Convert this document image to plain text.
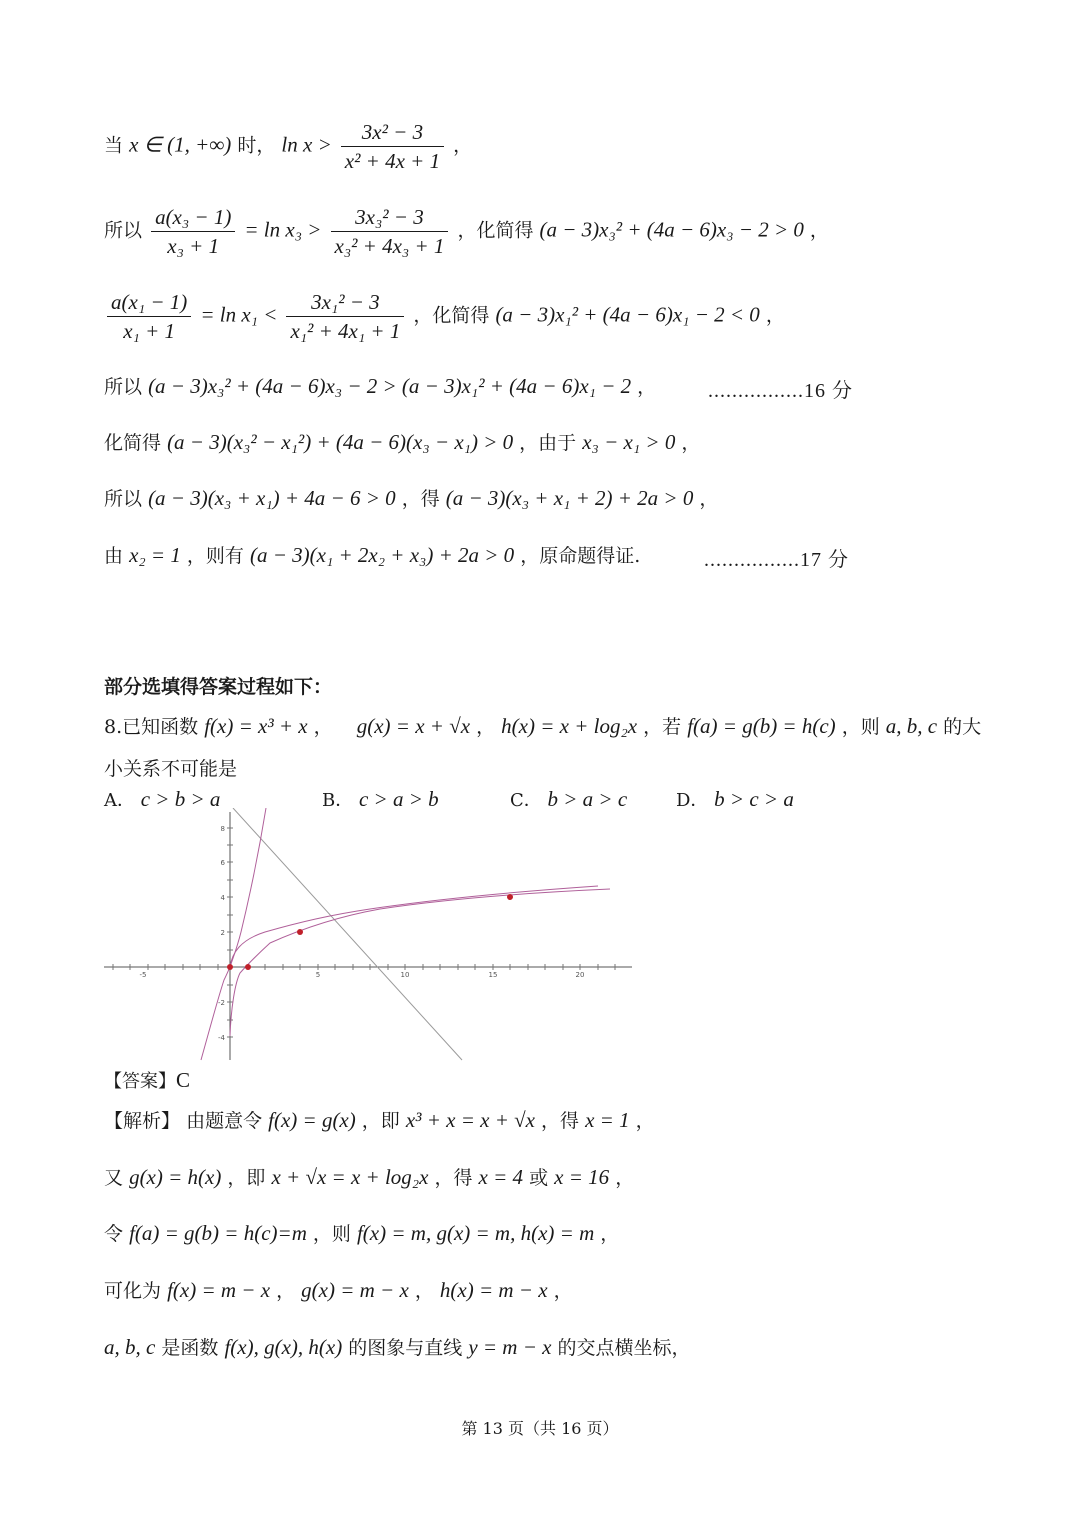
当 x ∈ (1, +∞) 时， $\ln x > \frac{\text{3x² − 3}}{\text{x² + 4x + 1}}$ ，
所以 $\frac{\text{a(x₃ − 1)}}{\text{x₃ + 1}} = \ln x_3 > \frac{\text{3x₃² − 3}}{\text{x₃² + 4x₃ + 1}}$ ，化简得 (a − 3)x₃² + (4a − 6)x₃ − 2 > 0 ，
$\frac{\text{a(x₁ − 1)}}{\text{x₁ + 1}} = \ln x_1 < \frac{\text{3x₁² − 3}}{\text{x₁² + 4x₁ + 1}}$ ，化简得 (a − 3)x₁² + (4a − 6)x₁ − 2 < 0 ，
所以 (a − 3)x₃² + (4a − 6)x₃ − 2 > (a − 3)x₁² + (4a − 6)x₁ − 2 ，	................16 分
化简得 (a − 3)(x₃² − x₁²) + (4a − 6)(x₃ − x₁) > 0 ，由于 x₃ − x₁ > 0 ，
所以 (a − 3)(x₃ + x₁) + 4a − 6 > 0 ，得 (a − 3)(x₃ + x₁ + 2) + 2a > 0 ，
由 x₂ = 1 ，则有 (a − 3)(x₁ + 2x₂ + x₃) + 2a > 0 ，原命题得证.	................17 分
部分选填得答案过程如下：
8.已知函数 f(x) = x³ + x ， g(x) = x + √x ， h(x) = x + log₂x ，若 f(a) = g(b) = h(c) ，则 a, b, c 的大
小关系不可能是
A． c > b > a	B． c > a > b	C． b > a > c	D． b > c > a
-5	5	10	15	20
8
6
4
2
-2
-4
【答案】C
【解析】 由题意令 f(x) = g(x) ，即 x³ + x = x + √x ，得 x = 1 ，
又 g(x) = h(x) ，即 x + √x = x + log₂x ，得 x = 4 或 x = 16 ，
令 f(a) = g(b) = h(c)=m ，则 f(x) = m, g(x) = m, h(x) = m ，
可化为 f(x) = m − x ， g(x) = m − x ， h(x) = m − x ，
a, b, c 是函数 f(x), g(x), h(x) 的图象与直线 y = m − x 的交点横坐标，
第 13 页（共 16 页）
